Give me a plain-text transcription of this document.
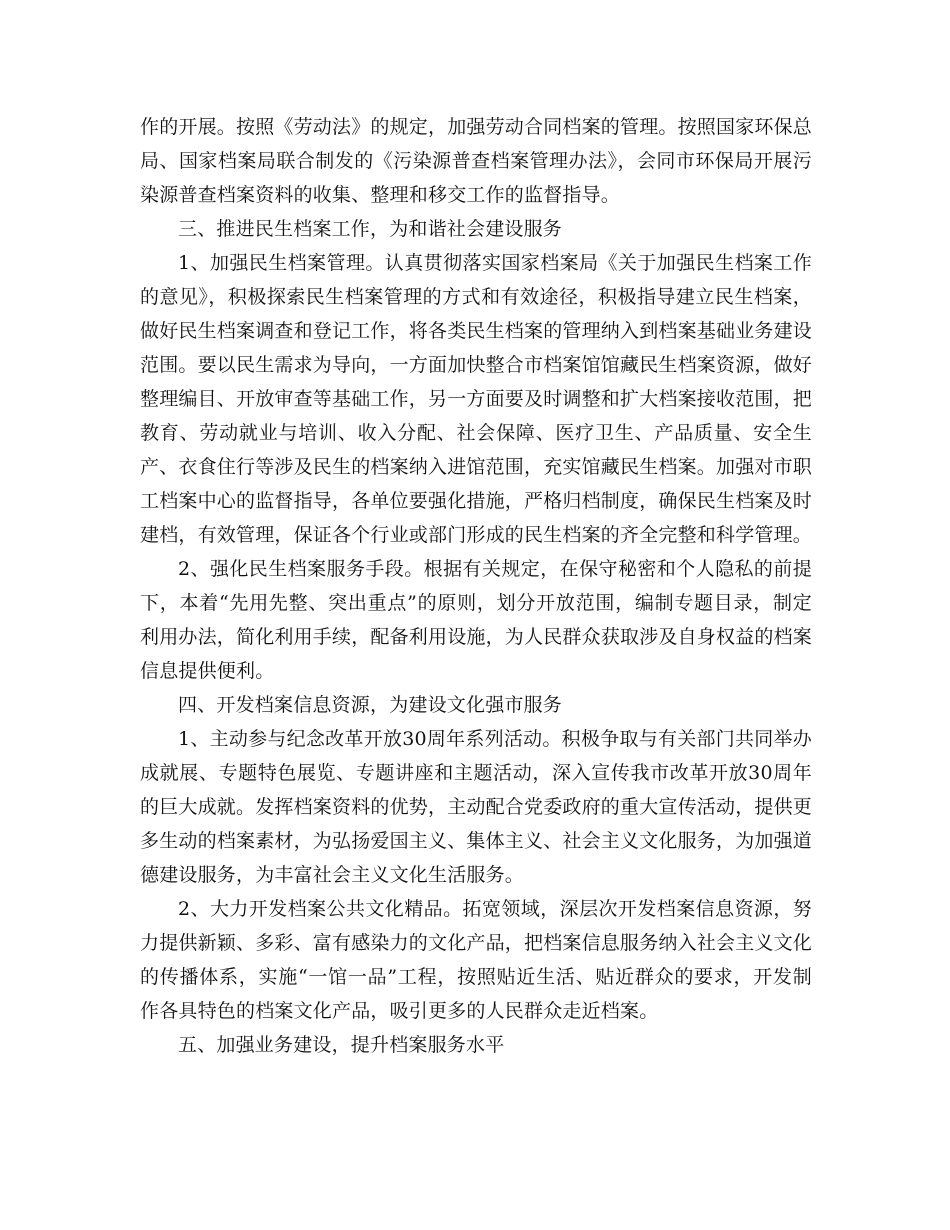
作的开展。按照《劳动法》的规定，加强劳动合同档案的管理。按照国家环保总局、国家档案局联合制发的《污染源普查档案管理办法》，会同市环保局开展污染源普查档案资料的收集、整理和移交工作的监督指导。

三、推进民生档案工作，为和谐社会建设服务

1、加强民生档案管理。认真贯彻落实国家档案局《关于加强民生档案工作的意见》，积极探索民生档案管理的方式和有效途径，积极指导建立民生档案，做好民生档案调查和登记工作，将各类民生档案的管理纳入到档案基础业务建设范围。要以民生需求为导向，一方面加快整合市档案馆馆藏民生档案资源，做好整理编目、开放审查等基础工作，另一方面要及时调整和扩大档案接收范围，把教育、劳动就业与培训、收入分配、社会保障、医疗卫生、产品质量、安全生产、衣食住行等涉及民生的档案纳入进馆范围，充实馆藏民生档案。加强对市职工档案中心的监督指导，各单位要强化措施，严格归档制度，确保民生档案及时建档，有效管理，保证各个行业或部门形成的民生档案的齐全完整和科学管理。

2、强化民生档案服务手段。根据有关规定，在保守秘密和个人隐私的前提下，本着“先用先整、突出重点”的原则，划分开放范围，编制专题目录，制定利用办法，简化利用手续，配备利用设施，为人民群众获取涉及自身权益的档案信息提供便利。

四、开发档案信息资源，为建设文化强市服务

1、主动参与纪念改革开放30周年系列活动。积极争取与有关部门共同举办成就展、专题特色展览、专题讲座和主题活动，深入宣传我市改革开放30周年的巨大成就。发挥档案资料的优势，主动配合党委政府的重大宣传活动，提供更多生动的档案素材，为弘扬爱国主义、集体主义、社会主义文化服务，为加强道德建设服务，为丰富社会主义文化生活服务。

2、大力开发档案公共文化精品。拓宽领域，深层次开发档案信息资源，努力提供新颖、多彩、富有感染力的文化产品，把档案信息服务纳入社会主义文化的传播体系，实施“一馆一品”工程，按照贴近生活、贴近群众的要求，开发制作各具特色的档案文化产品，吸引更多的人民群众走近档案。

五、加强业务建设，提升档案服务水平
